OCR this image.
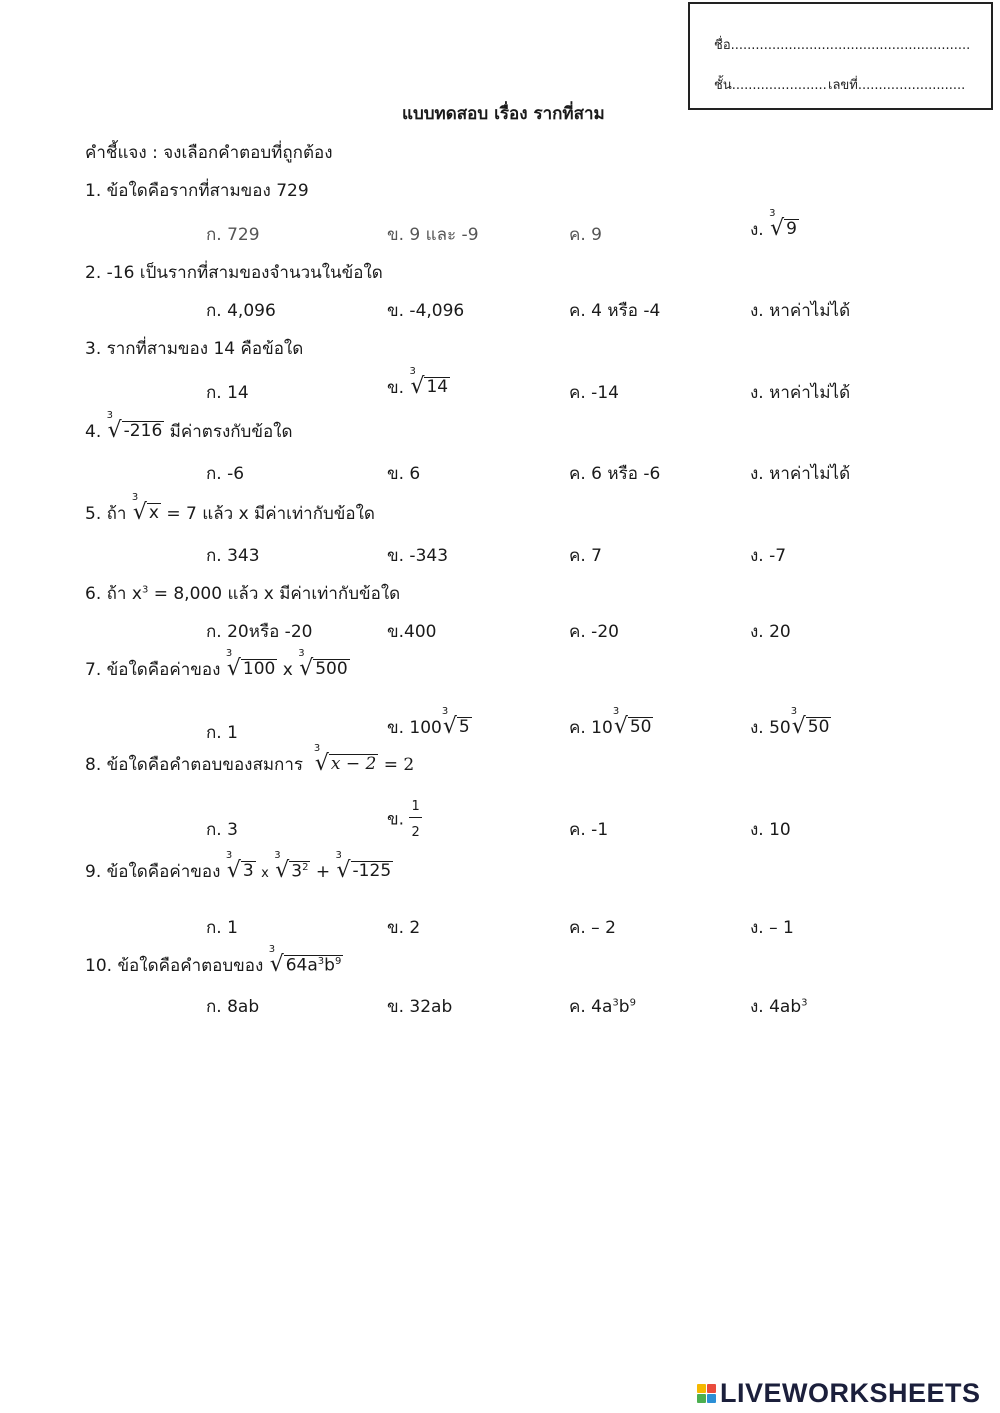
ชื่อ..........................................................
ชั้น....................... เลขที่..........................
แบบทดสอบ เรื่อง รากที่สาม
คำชี้แจง : จงเลือกคำตอบที่ถูกต้อง
1. ข้อใดคือรากที่สามของ 729
ก. 729	ข. 9 และ -9	ค. 9	ง.
3
√ 9
2. -16 เป็นรากที่สามของจำนวนในข้อใด
ก. 4,096	ข. -4,096	ค. 4 หรือ -4	ง. หาค่าไม่ได้
3. รากที่สามของ 14 คือข้อใด
ก. 14	ข.
3
√ 14	ค. -14	ง. หาค่าไม่ได้
4.
3
√ -216 มีค่าตรงกับข้อใด
ก. -6	ข. 6	ค. 6 หรือ -6	ง. หาค่าไม่ได้
5. ถ้า
3
√ x = 7 แล้ว x มีค่าเท่ากับข้อใด
ก. 343	ข. -343	ค. 7	ง. -7
6. ถ้า $x^3 = 8,000$ แล้ว x มีค่าเท่ากับข้อใด
ก. 20หรือ -20	ข.400	ค. -20	ง. 20
7. ข้อใดคือค่าของ
3
√ 100 x
3
√ 500
ก. 1	ข. 100
3
√ 5	ค. 10
3
√ 50	ง. 50
3
√ 50
8. ข้อใดคือคำตอบของสมการ
3
√ x − 2 = 2
ก. 3
ข. $\frac{1}{2}$	ค. -1	ง. 10
9. ข้อใดคือค่าของ
3
√ 3 x
3
√ $3^2$ +
3
√ -125
ก. 1	ข. 2	ค. – 2	ง. – 1
10. ข้อใดคือคำตอบของ
3
√ $64a^3b^9$
ก. 8ab	ข. 32ab	ค. $4a^3b^9$	ง. $4ab^3$
LIVEWORKSHEETS
